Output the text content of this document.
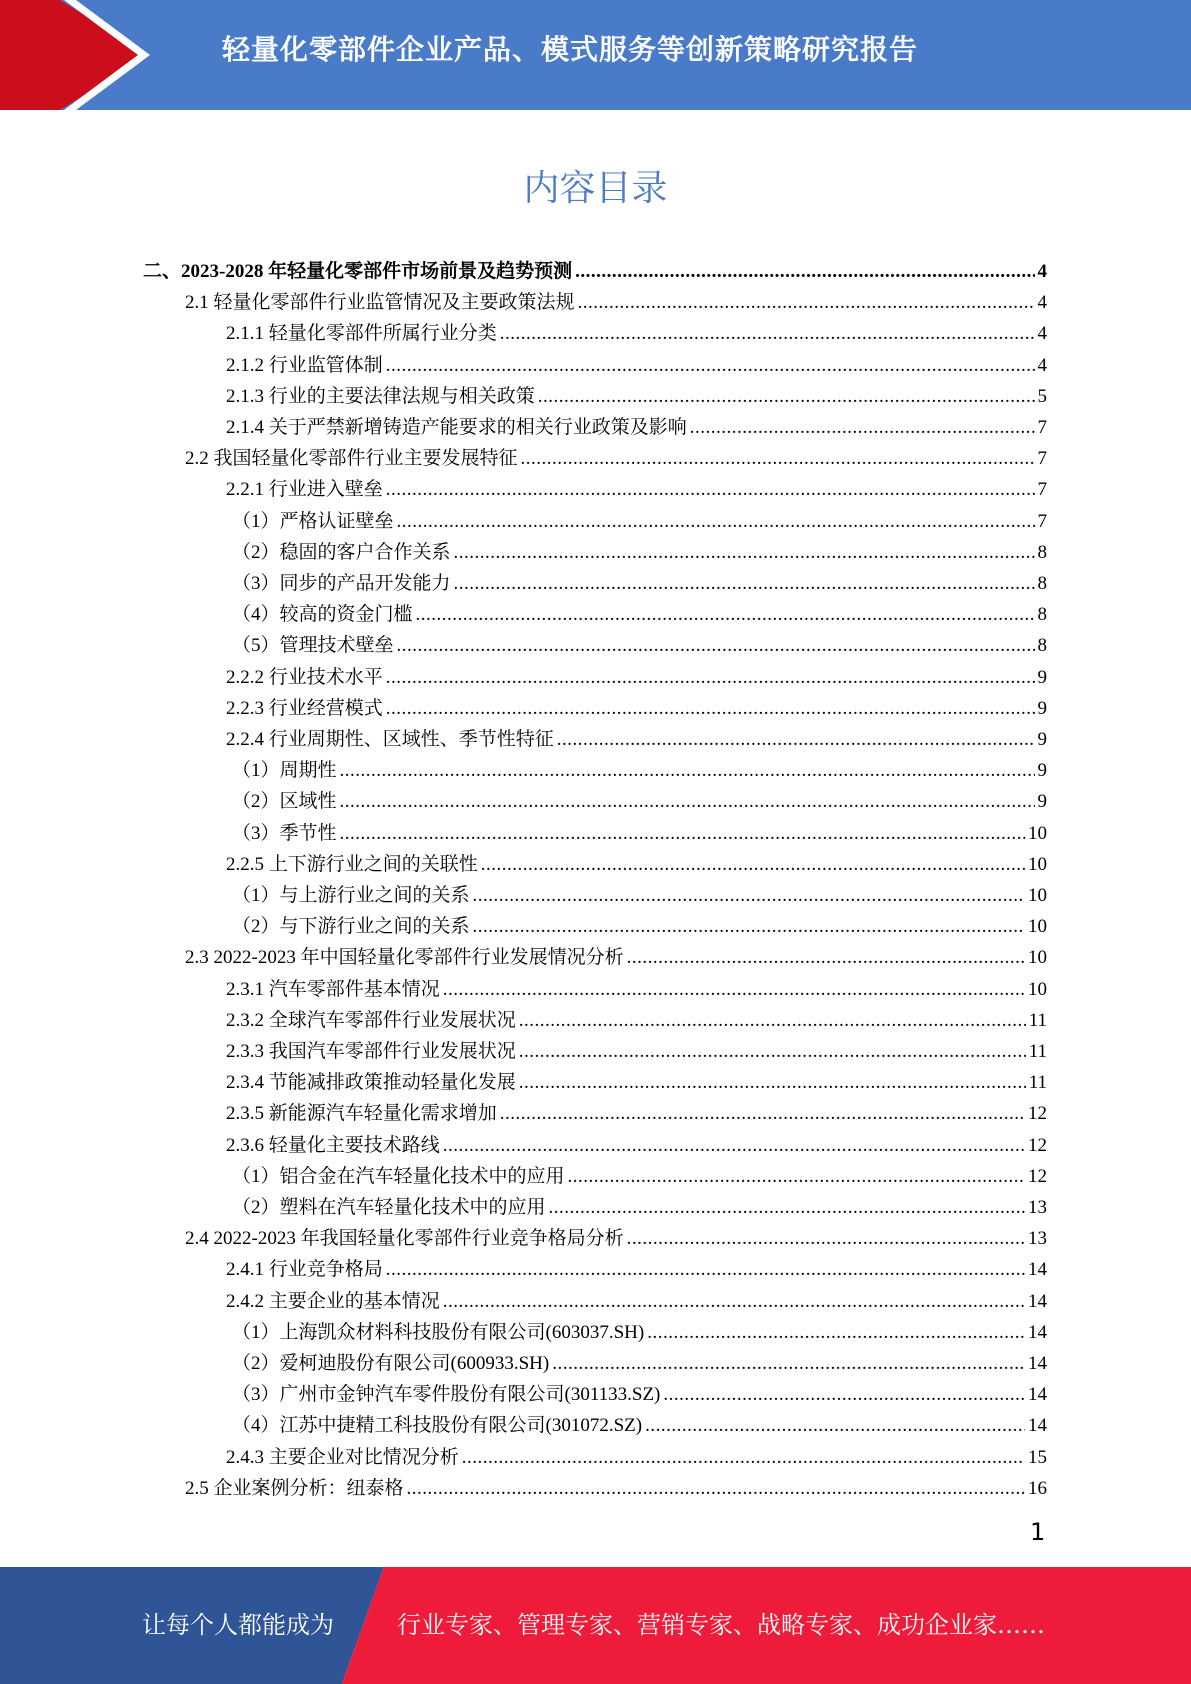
轻量化零部件企业产品、模式服务等创新策略研究报告
内容目录
二、2023-2028 年轻量化零部件市场前景及趋势预测 .....	4
2.1 轻量化零部件行业监管情况及主要政策法规 .....	4
2.1.1 轻量化零部件所属行业分类 .....	4
2.1.2 行业监管体制 .....	4
2.1.3 行业的主要法律法规与相关政策 .....	5
2.1.4 关于严禁新增铸造产能要求的相关行业政策及影响 .....	7
2.2 我国轻量化零部件行业主要发展特征 .....	7
2.2.1 行业进入壁垒 .....	7
（1）严格认证壁垒 .....	7
（2）稳固的客户合作关系 .....	8
（3）同步的产品开发能力 .....	8
（4）较高的资金门槛 .....	8
（5）管理技术壁垒 .....	8
2.2.2 行业技术水平 .....	9
2.2.3 行业经营模式 .....	9
2.2.4 行业周期性、区域性、季节性特征 .....	9
（1）周期性 .....	9
（2）区域性 .....	9
（3）季节性 .....	10
2.2.5 上下游行业之间的关联性 .....	10
（1）与上游行业之间的关系 .....	10
（2）与下游行业之间的关系 .....	10
2.3 2022-2023 年中国轻量化零部件行业发展情况分析 .....	10
2.3.1 汽车零部件基本情况 .....	10
2.3.2 全球汽车零部件行业发展状况 .....	11
2.3.3 我国汽车零部件行业发展状况 .....	11
2.3.4 节能减排政策推动轻量化发展 .....	11
2.3.5 新能源汽车轻量化需求增加 .....	12
2.3.6 轻量化主要技术路线 .....	12
（1）铝合金在汽车轻量化技术中的应用 .....	12
（2）塑料在汽车轻量化技术中的应用 .....	13
2.4 2022-2023 年我国轻量化零部件行业竞争格局分析 .....	13
2.4.1 行业竞争格局 .....	14
2.4.2 主要企业的基本情况 .....	14
（1）上海凯众材料科技股份有限公司(603037.SH) .....	14
（2）爱柯迪股份有限公司(600933.SH) .....	14
（3）广州市金钟汽车零件股份有限公司(301133.SZ) .....	14
（4）江苏中捷精工科技股份有限公司(301072.SZ) .....	14
2.4.3 主要企业对比情况分析 .....	15
2.5 企业案例分析：纽泰格 .....	16
1
让每个人都能成为	行业专家、管理专家、营销专家、战略专家、成功企业家……
